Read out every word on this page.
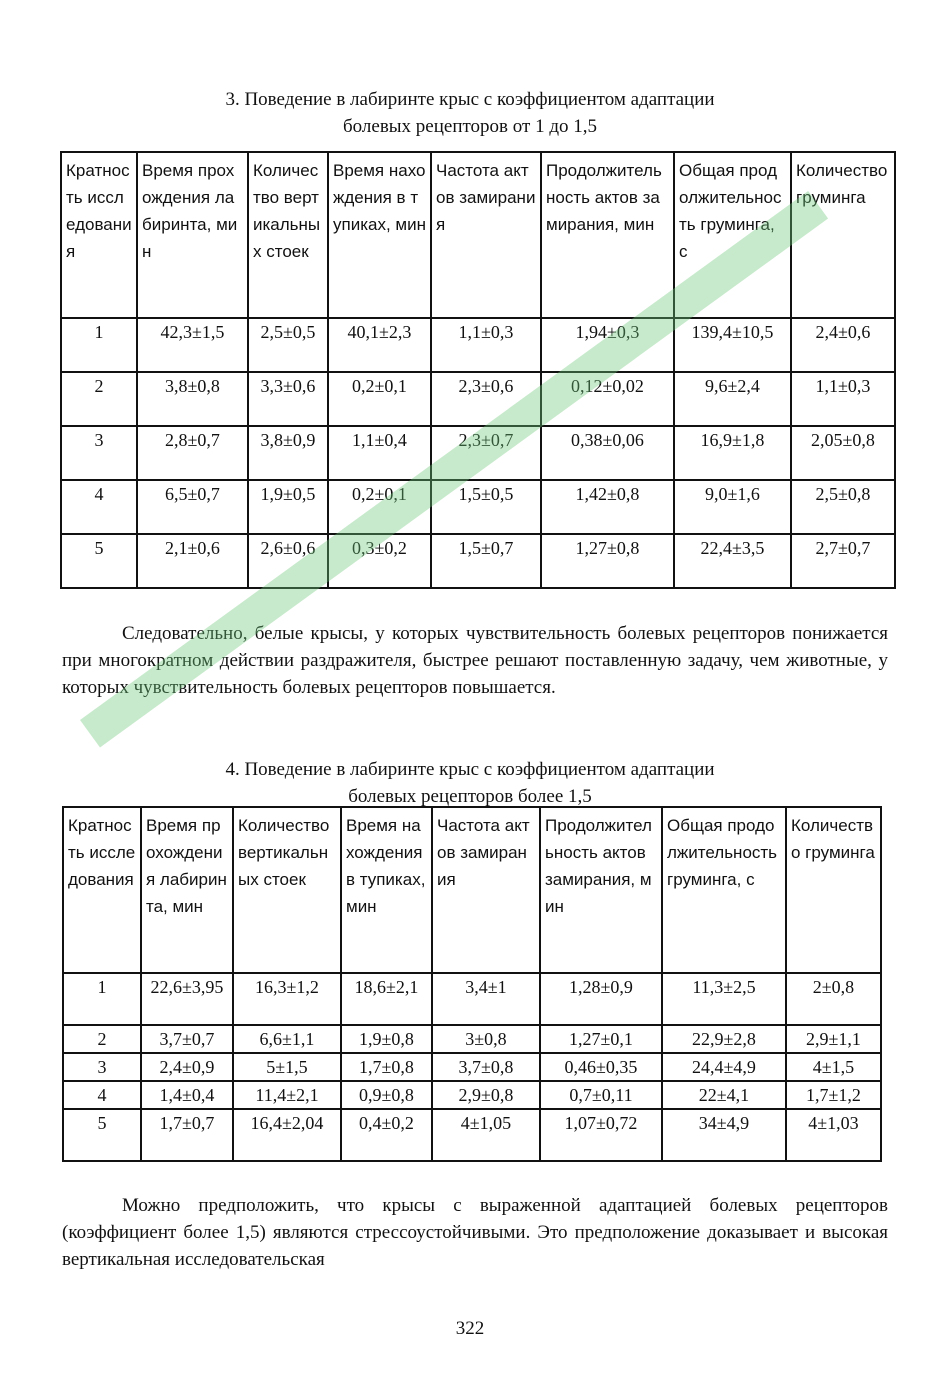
3. Поведение в лабиринте крыс с коэффициентом адаптации
болевых рецепторов от 1 до 1,5
Кратность исследования	Время прохождения лабиринта, мин	Количество вертикальных стоек	Время нахождения в тупиках, мин	Частота актов замирания	Продолжительность актов замирания, мин	Общая продолжительность груминга, с	Количество груминга
1	42,3±1,5	2,5±0,5	40,1±2,3	1,1±0,3	1,94±0,3	139,4±10,5	2,4±0,6
2	3,8±0,8	3,3±0,6	0,2±0,1	2,3±0,6	0,12±0,02	9,6±2,4	1,1±0,3
3	2,8±0,7	3,8±0,9	1,1±0,4	2,3±0,7	0,38±0,06	16,9±1,8	2,05±0,8
4	6,5±0,7	1,9±0,5	0,2±0,1	1,5±0,5	1,42±0,8	9,0±1,6	2,5±0,8
5	2,1±0,6	2,6±0,6	0,3±0,2	1,5±0,7	1,27±0,8	22,4±3,5	2,7±0,7
Следовательно, белые крысы, у которых чувствительность болевых рецепторов понижается при многократном действии раздражителя, быстрее решают поставленную задачу, чем животные, у которых чувствительность болевых рецепторов повышается.
4. Поведение в лабиринте крыс с коэффициентом адаптации
болевых рецепторов более 1,5
Кратность исследования	Время прохождения лабиринта, мин	Количество вертикальных стоек	Время нахождения в тупиках, мин	Частота актов замирания	Продолжительность актов замирания, мин	Общая продолжительность груминга, с	Количество груминга
1	22,6±3,95	16,3±1,2	18,6±2,1	3,4±1	1,28±0,9	11,3±2,5	2±0,8
2	3,7±0,7	6,6±1,1	1,9±0,8	3±0,8	1,27±0,1	22,9±2,8	2,9±1,1
3	2,4±0,9	5±1,5	1,7±0,8	3,7±0,8	0,46±0,35	24,4±4,9	4±1,5
4	1,4±0,4	11,4±2,1	0,9±0,8	2,9±0,8	0,7±0,11	22±4,1	1,7±1,2
5	1,7±0,7	16,4±2,04	0,4±0,2	4±1,05	1,07±0,72	34±4,9	4±1,03
Можно предположить, что крысы с выраженной адаптацией болевых рецепторов (коэффициент более 1,5) являются стрессоустойчивыми. Это предположение доказывает и высокая вертикальная исследовательская
322
